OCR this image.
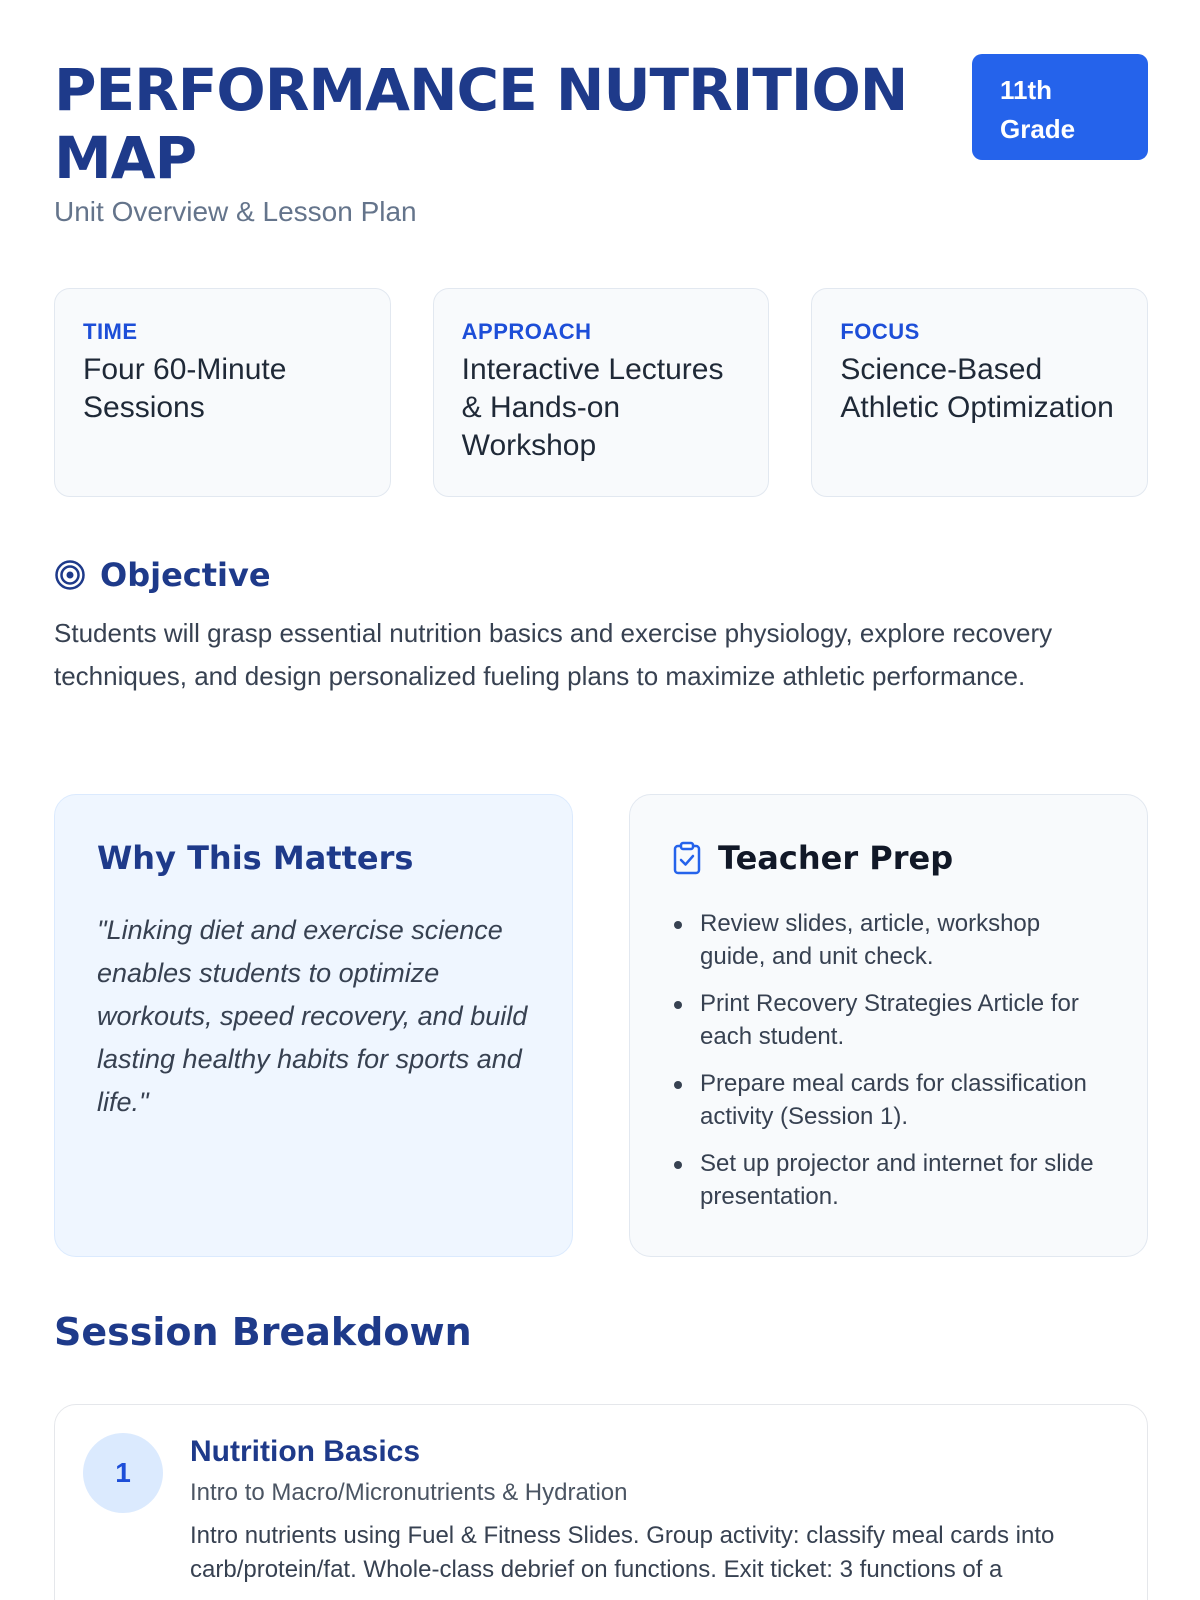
PERFORMANCE NUTRITION MAP
Unit Overview & Lesson Plan
11th Grade
TIME
Four 60-Minute Sessions
APPROACH
Interactive Lectures & Hands-on Workshop
FOCUS
Science-Based Athletic Optimization
Objective

Students will grasp essential nutrition basics and exercise physiology, explore recovery techniques, and design personalized fueling plans to maximize athletic performance.

Why This Matters

"Linking diet and exercise science enables students to optimize workouts, speed recovery, and build lasting healthy habits for sports and life."

Teacher Prep
Review slides, article, workshop guide, and unit check.
Print Recovery Strategies Article for each student.
Prepare meal cards for classification activity (Session 1).
Set up projector and internet for slide presentation.
Session Breakdown
1
Nutrition Basics
Intro to Macro/Micronutrients & Hydration

Intro nutrients using Fuel & Fitness Slides. Group activity: classify meal cards into carb/protein/fat. Whole-class debrief on functions. Exit ticket: 3 functions of a
